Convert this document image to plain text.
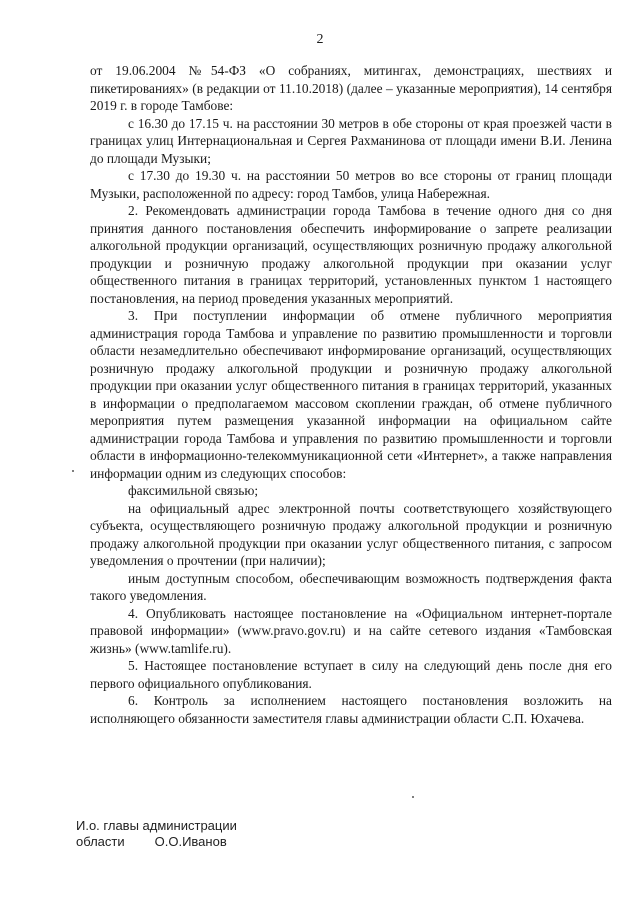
2

от 19.06.2004 №54-ФЗ «О собраниях, митингах, демонстрациях, шествиях и пикетированиях» (в редакции от 11.10.2018) (далее – указанные мероприятия), 14 сентября 2019 г. в городе Тамбове:

с 16.30 до 17.15 ч. на расстоянии 30 метров в обе стороны от края проезжей части в границах улиц Интернациональная и Сергея Рахманинова от площади имени В.И. Ленина до площади Музыки;

с 17.30 до 19.30 ч. на расстоянии 50 метров во все стороны от границ площади Музыки, расположенной по адресу: город Тамбов, улица Набережная.

2. Рекомендовать администрации города Тамбова в течение одного дня со дня принятия данного постановления обеспечить информирование о запрете реализации алкогольной продукции организаций, осуществляющих розничную продажу алкогольной продукции и розничную продажу алкогольной продукции при оказании услуг общественного питания в границах территорий, установленных пунктом 1 настоящего постановления, на период проведения указанных мероприятий.

3. При поступлении информации об отмене публичного мероприятия администрация города Тамбова и управление по развитию промышленности и торговли области незамедлительно обеспечивают информирование организаций, осуществляющих розничную продажу алкогольной продукции и розничную продажу алкогольной продукции при оказании услуг общественного питания в границах территорий, указанных в информации о предполагаемом массовом скоплении граждан, об отмене публичного мероприятия путем размещения указанной информации на официальном сайте администрации города Тамбова и управления по развитию промышленности и торговли области в информационно-телекоммуникационной сети «Интернет», а также направления информации одним из следующих способов:

факсимильной связью;

на официальный адрес электронной почты соответствующего хозяйствующего субъекта, осуществляющего розничную продажу алкогольной продукции и розничную продажу алкогольной продукции при оказании услуг общественного питания, с запросом уведомления о прочтении (при наличии);

иным доступным способом, обеспечивающим возможность подтверждения факта такого уведомления.

4. Опубликовать настоящее постановление на «Официальном интернет-портале правовой информации» (www.pravo.gov.ru) и на сайте сетевого издания «Тамбовская жизнь» (www.tamlife.ru).

5. Настоящее постановление вступает в силу на следующий день после дня его первого официального опубликования.

6. Контроль за исполнением настоящего постановления возложить на исполняющего обязанности заместителя главы администрации области С.П. Юхачева.

И.о. главы администрации
области О.О.Иванов
